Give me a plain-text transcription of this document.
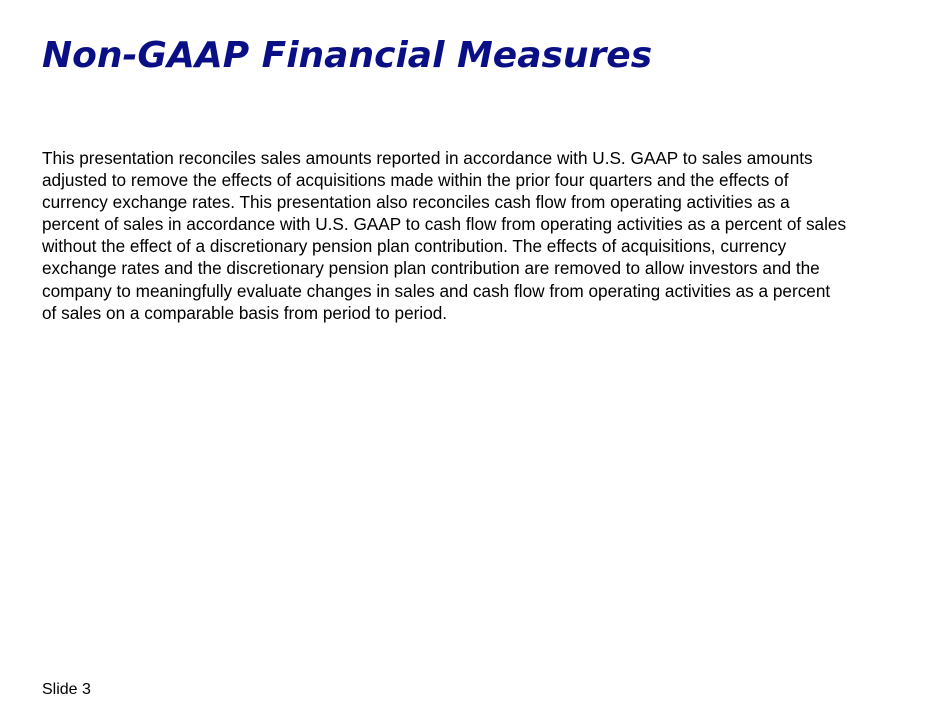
Non-GAAP Financial Measures

This presentation reconciles sales amounts reported in accordance with U.S. GAAP to sales amounts
adjusted to remove the effects of acquisitions made within the prior four quarters and the effects of
currency exchange rates. This presentation also reconciles cash flow from operating activities as a
percent of sales in accordance with U.S. GAAP to cash flow from operating activities as a percent of sales
without the effect of a discretionary pension plan contribution. The effects of acquisitions, currency
exchange rates and the discretionary pension plan contribution are removed to allow investors and the
company to meaningfully evaluate changes in sales and cash flow from operating activities as a percent
of sales on a comparable basis from period to period.

Slide 3
